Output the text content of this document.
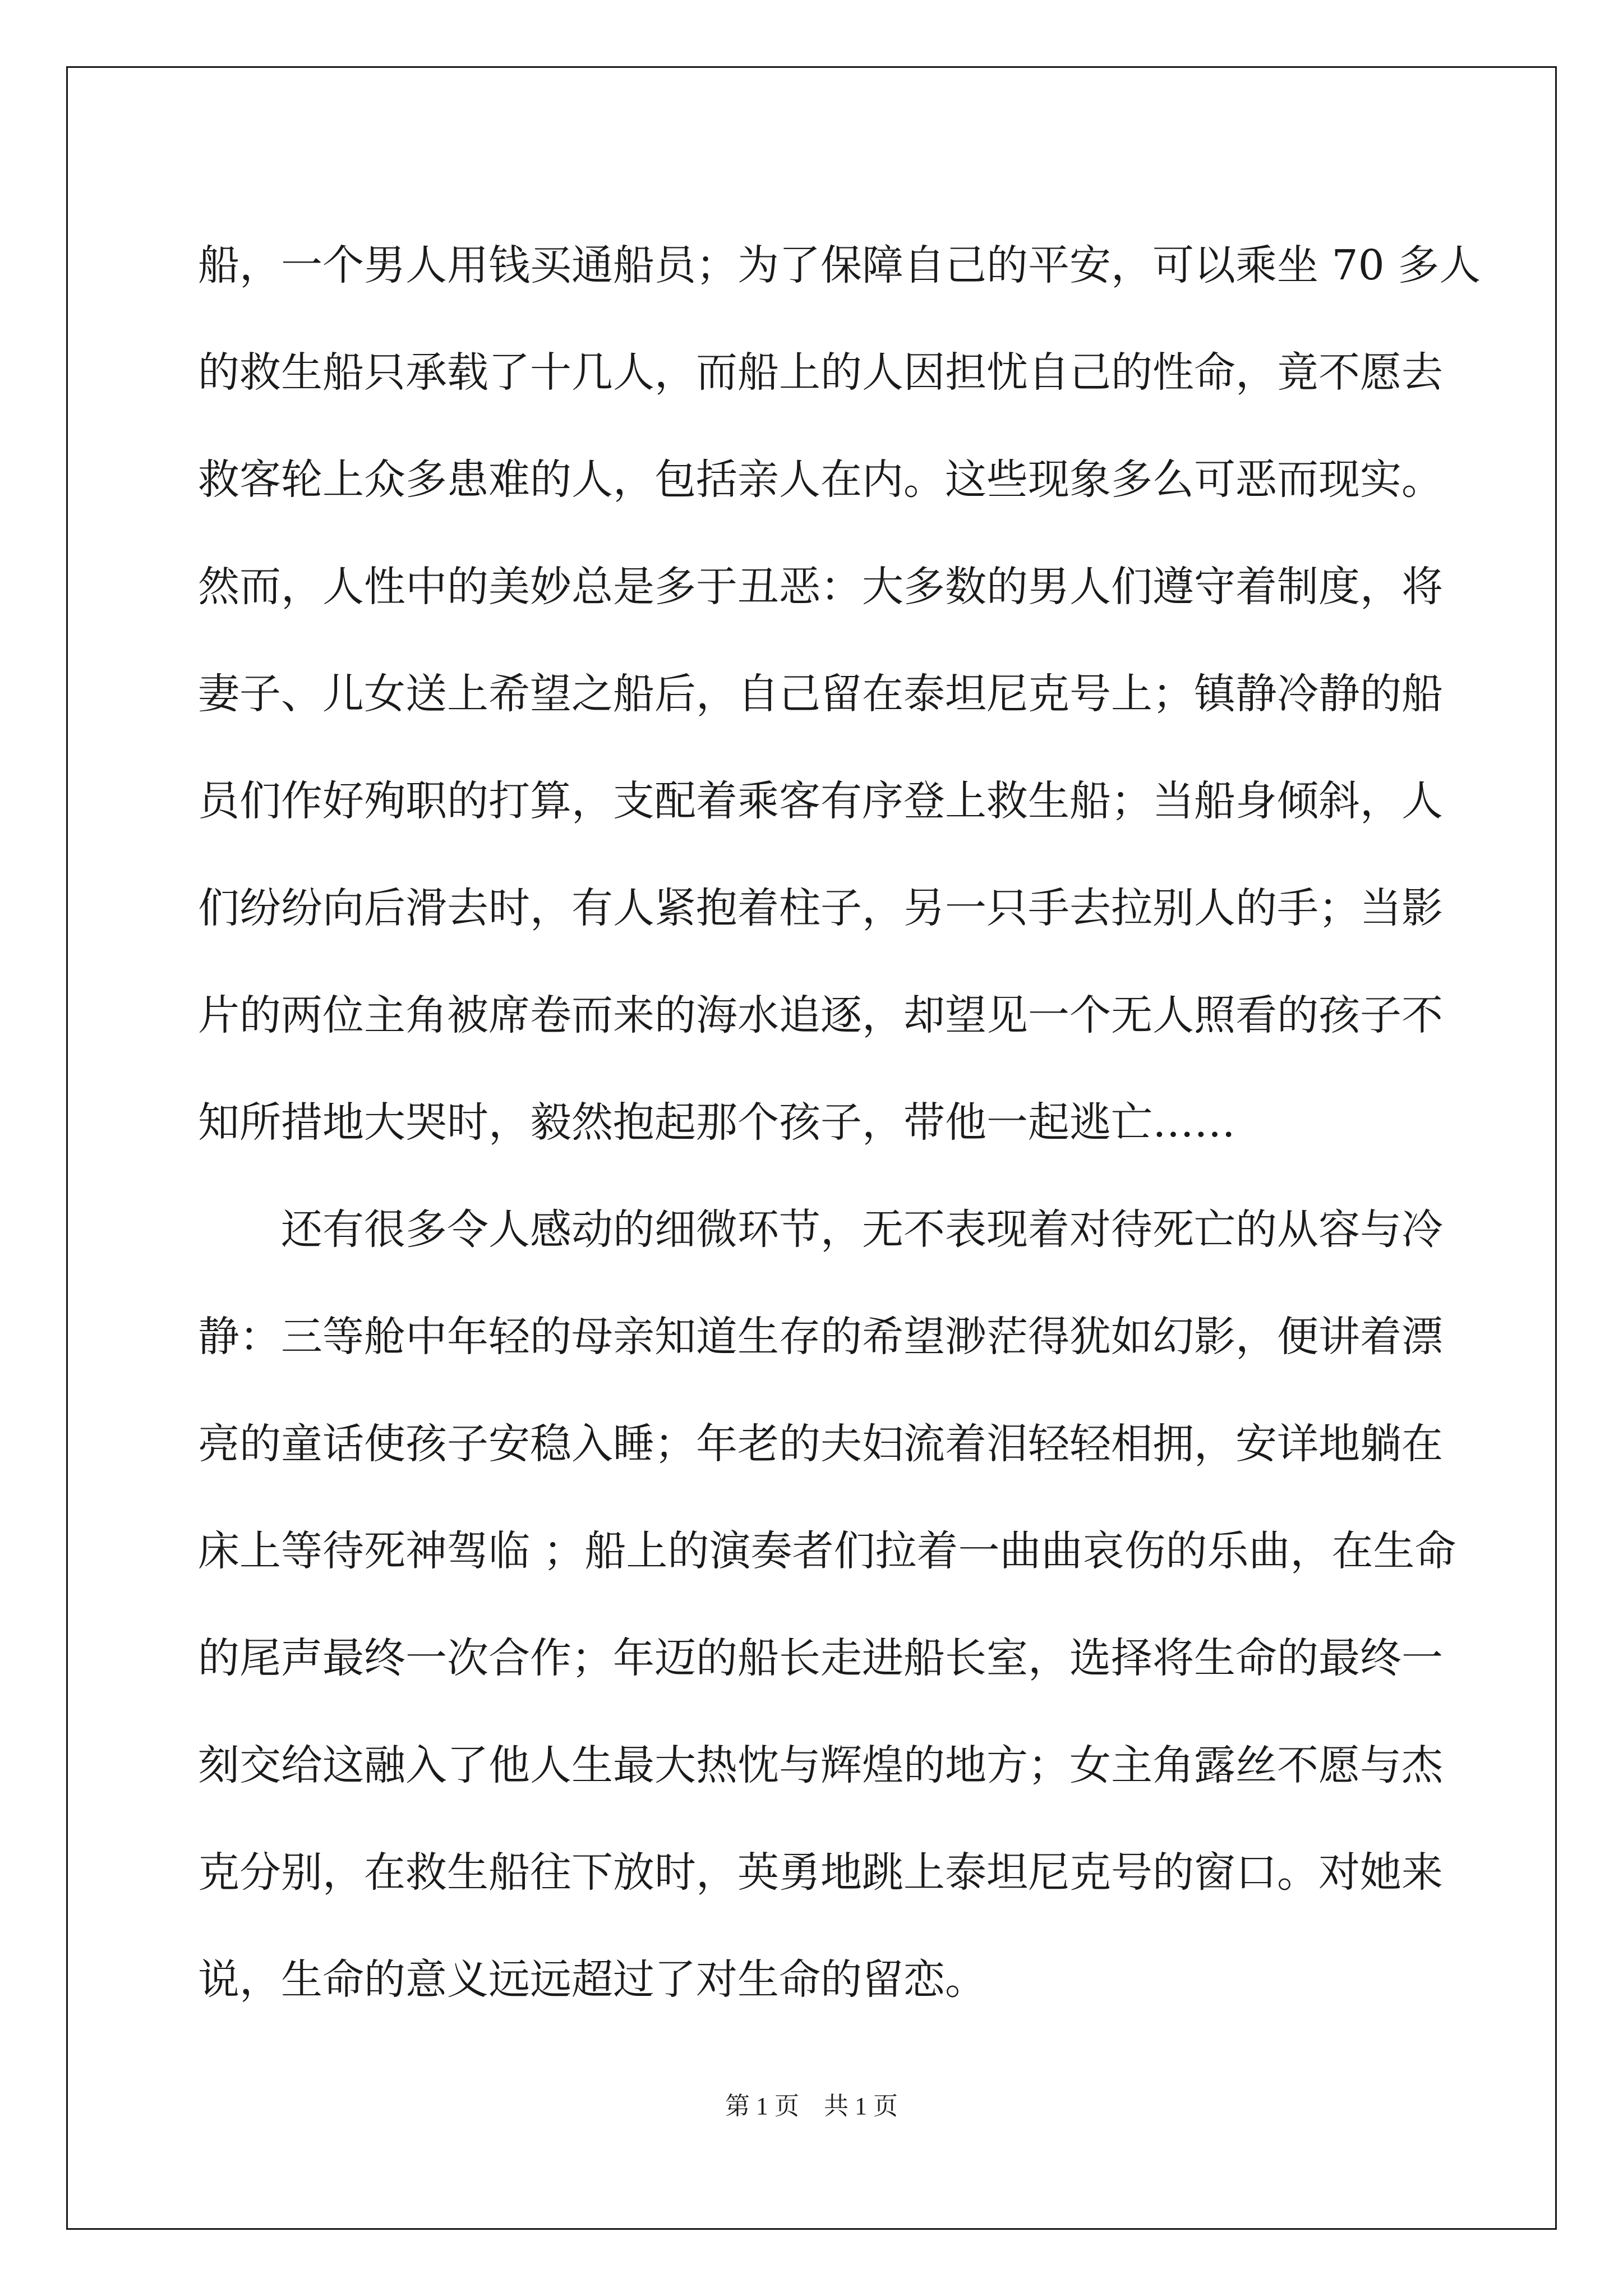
船，一个男人用钱买通船员；为了保障自己的平安，可以乘坐 70 多人
的救生船只承载了十几人，而船上的人因担忧自己的性命，竟不愿去
救客轮上众多患难的人，包括亲人在内。这些现象多么可恶而现实。
然而，人性中的美妙总是多于丑恶：大多数的男人们遵守着制度，将
妻子、儿女送上希望之船后，自己留在泰坦尼克号上；镇静冷静的船
员们作好殉职的打算，支配着乘客有序登上救生船；当船身倾斜，人
们纷纷向后滑去时，有人紧抱着柱子，另一只手去拉别人的手；当影
片的两位主角被席卷而来的海水追逐，却望见一个无人照看的孩子不
知所措地大哭时，毅然抱起那个孩子，带他一起逃亡……
还有很多令人感动的细微环节，无不表现着对待死亡的从容与冷
静：三等舱中年轻的母亲知道生存的希望渺茫得犹如幻影，便讲着漂
亮的童话使孩子安稳入睡；年老的夫妇流着泪轻轻相拥，安详地躺在
床上等待死神驾临 ；船上的演奏者们拉着一曲曲哀伤的乐曲，在生命
的尾声最终一次合作；年迈的船长走进船长室，选择将生命的最终一
刻交给这融入了他人生最大热忱与辉煌的地方；女主角露丝不愿与杰
克分别，在救生船往下放时，英勇地跳上泰坦尼克号的窗口。对她来
说，生命的意义远远超过了对生命的留恋。
第 1 页　共 1 页
